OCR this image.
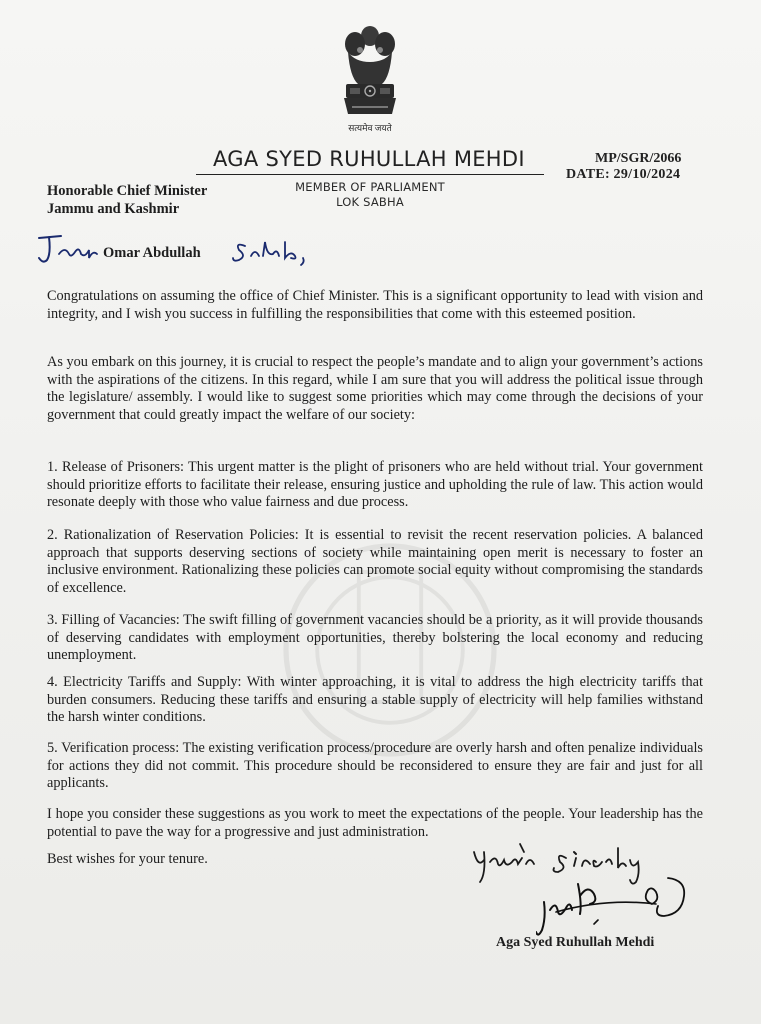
सत्यमेव जयते
AGA SYED RUHULLAH MEHDI
MEMBER OF PARLIAMENT
LOK SABHA
MP/SGR/2066
DATE: 29/10/2024
Honorable Chief Minister
Jammu and Kashmir
Omar Abdullah
Congratulations on assuming the office of Chief Minister. This is a significant opportunity to lead with vision and integrity, and I wish you success in fulfilling the responsibilities that come with this esteemed position.
As you embark on this journey, it is crucial to respect the people’s mandate and to align your government’s actions with the aspirations of the citizens. In this regard, while I am sure that you will address the political issue through the legislature/ assembly. I would like to suggest some priorities which may come through the decisions of your government that could greatly impact the welfare of our society:
1. Release of Prisoners: This urgent matter is the plight of prisoners who are held without trial. Your government should prioritize efforts to facilitate their release, ensuring justice and upholding the rule of law. This action would resonate deeply with those who value fairness and due process.
2. Rationalization of Reservation Policies: It is essential to revisit the recent reservation policies. A balanced approach that supports deserving sections of society while maintaining open merit is necessary to foster an inclusive environment. Rationalizing these policies can promote social equity without compromising the standards of excellence.
3. Filling of Vacancies: The swift filling of government vacancies should be a priority, as it will provide thousands of deserving candidates with employment opportunities, thereby bolstering the local economy and reducing unemployment.
4. Electricity Tariffs and Supply: With winter approaching, it is vital to address the high electricity tariffs that burden consumers. Reducing these tariffs and ensuring a stable supply of electricity will help families withstand the harsh winter conditions.
5. Verification process: The existing verification process/procedure are overly harsh and often penalize individuals for actions they did not commit. This procedure should be reconsidered to ensure they are fair and just for all applicants.
I hope you consider these suggestions as you work to meet the expectations of the people. Your leadership has the potential to pave the way for a progressive and just administration.
Best wishes for your tenure.
Aga Syed Ruhullah Mehdi
